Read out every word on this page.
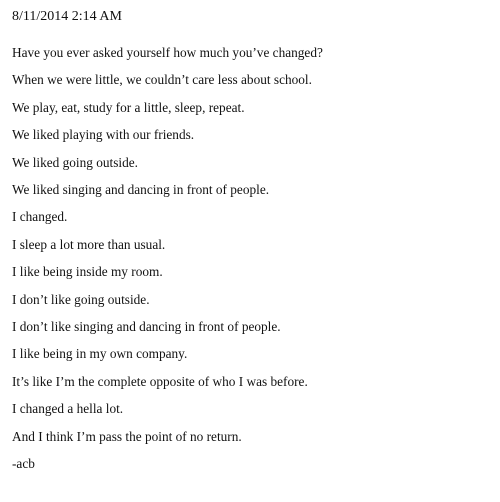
8/11/2014 2:14 AM
Have you ever asked yourself how much you’ve changed?
When we were little, we couldn’t care less about school.
We play, eat, study for a little, sleep, repeat.
We liked playing with our friends.
We liked going outside.
We liked singing and dancing in front of people.
I changed.
I sleep a lot more than usual.
I like being inside my room.
I don’t like going outside.
I don’t like singing and dancing in front of people.
I like being in my own company.
It’s like I’m the complete opposite of who I was before.
I changed a hella lot.
And I think I’m pass the point of no return.
-acb
